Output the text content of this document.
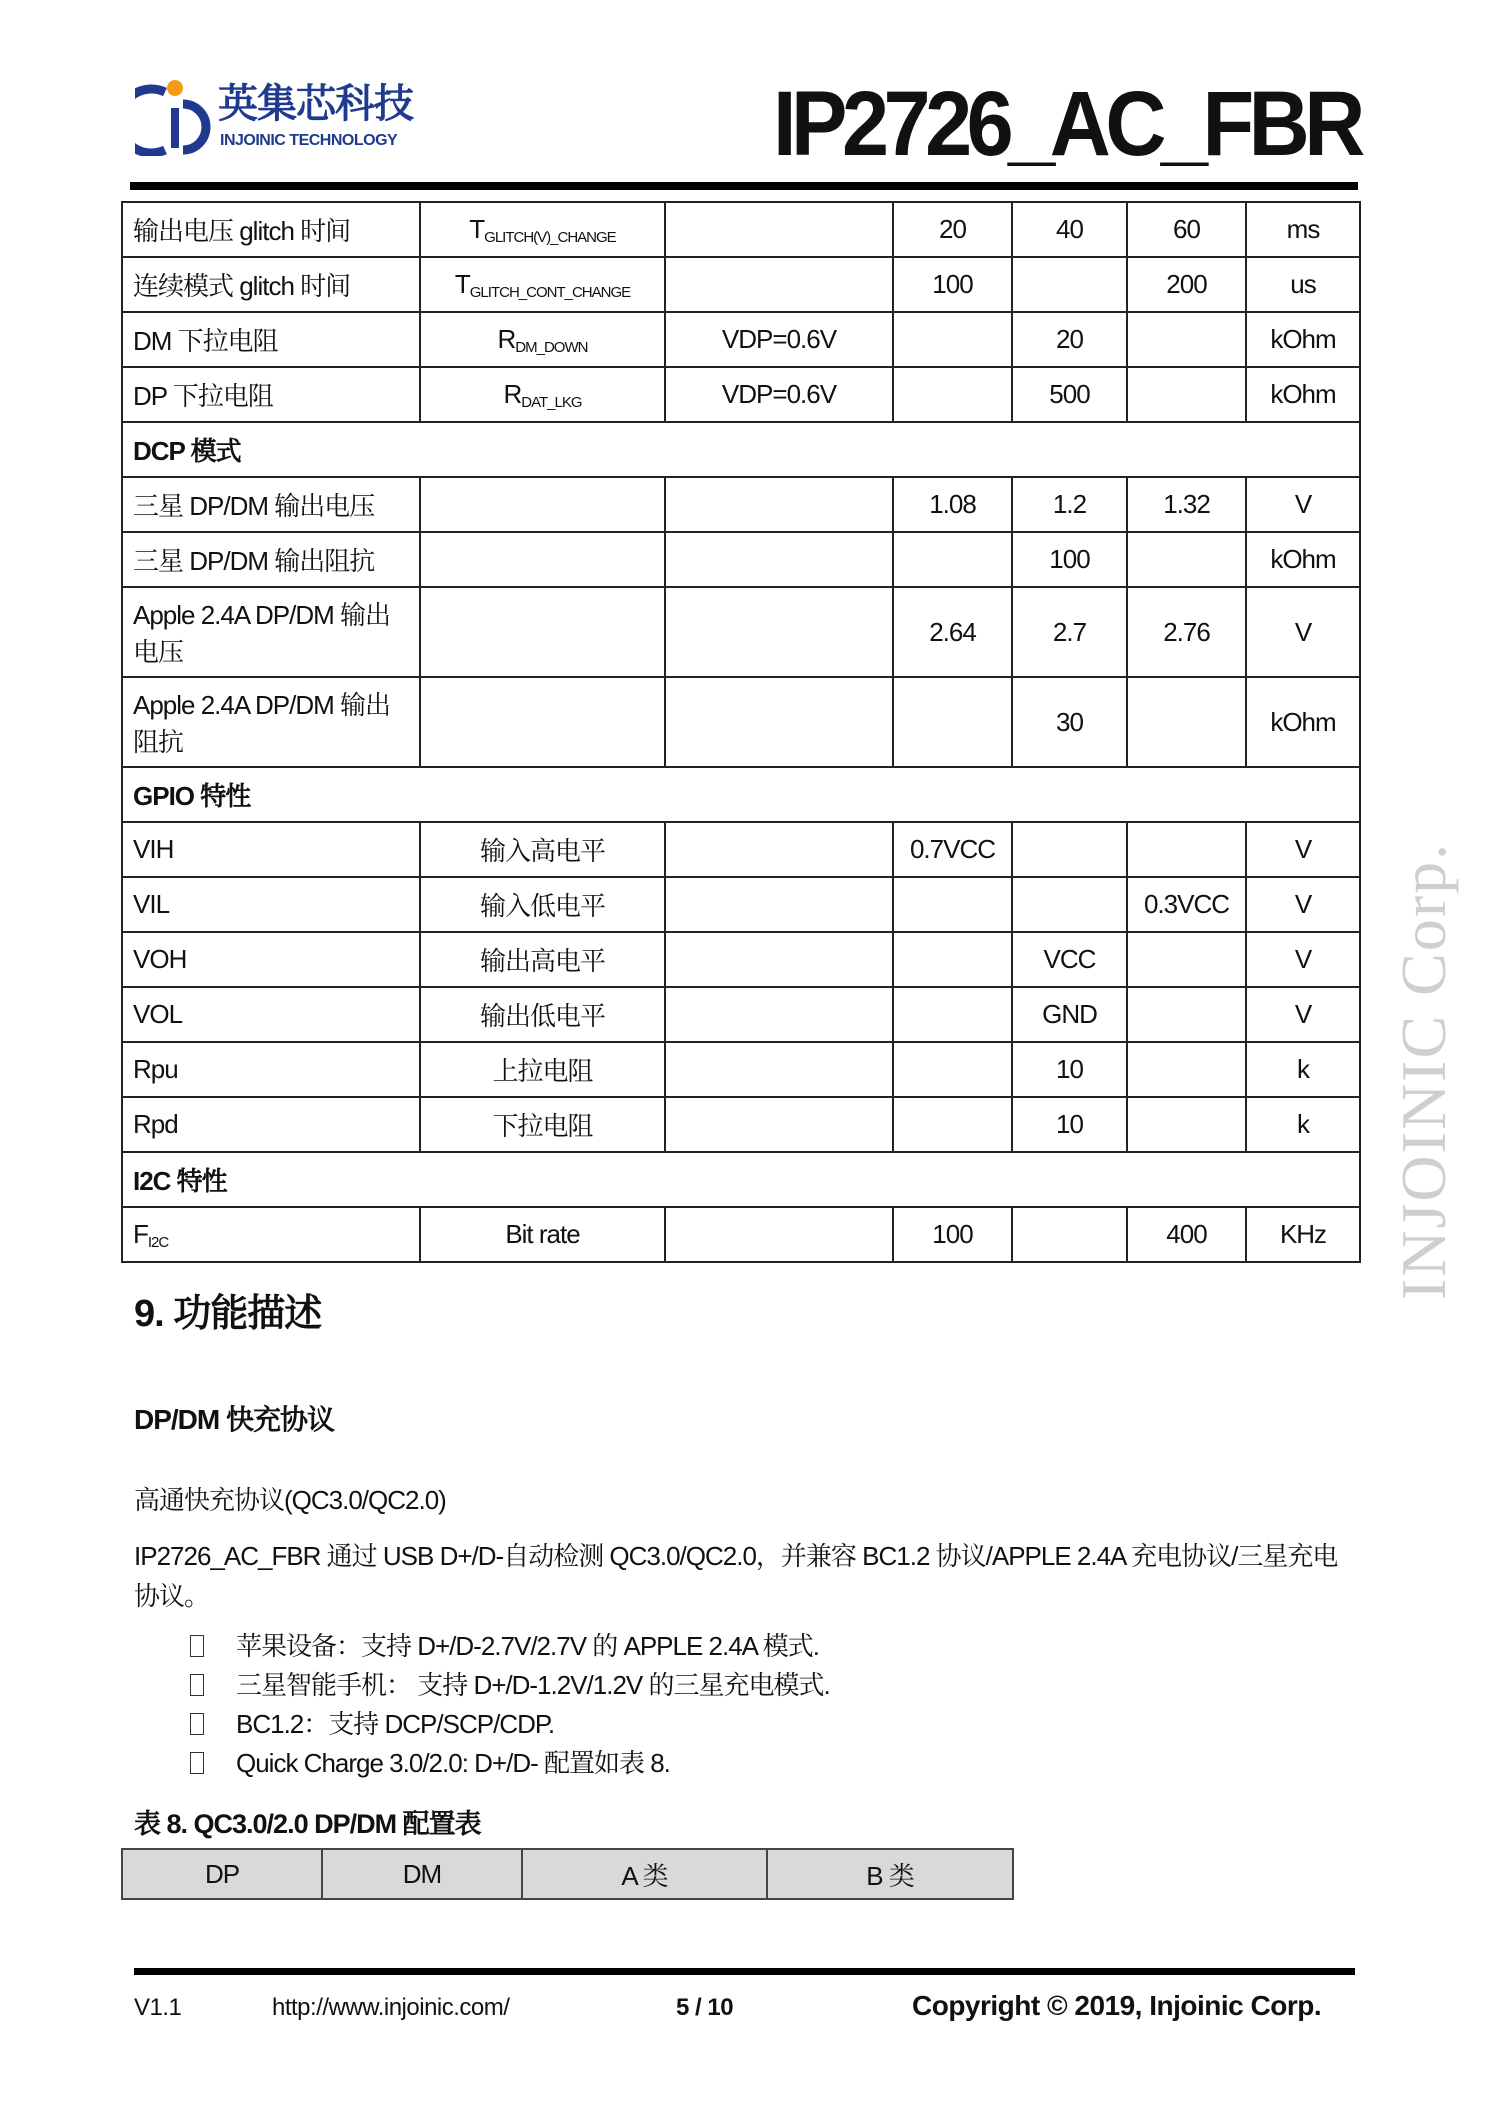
英集芯科技
INJOINIC TECHNOLOGY	IP2726_AC_FBR
输出电压 glitch 时间	$T_{GLITCH(V)\_CHANGE}$		20	40	60	ms
连续模式 glitch 时间	$T_{GLITCH\_CONT\_CHANGE}$		100		200	us
DM 下拉电阻	$R_{DM\_DOWN}$	VDP=0.6V		20		kOhm
DP 下拉电阻	$R_{DAT\_LKG}$	VDP=0.6V		500		kOhm
DCP 模式						
三星 DP/DM 输出电压			1.08	1.2	1.32	V
三星 DP/DM 输出阻抗				100		kOhm
Apple 2.4A DP/DM 输出电压			2.64	2.7	2.76	V
Apple 2.4A DP/DM 输出阻抗				30		kOhm
GPIO 特性						
VIH	输入高电平		0.7VCC			V
VIL	输入低电平				0.3VCC	V
VOH	输出高电平			VCC		V
VOL	输出低电平			GND		V
Rpu	上拉电阻			10		k
Rpd	下拉电阻			10		k
I2C 特性						
$F_{I2C}$	Bit rate		100		400	KHz INJOINIC Corp.
9. 功能描述
DP/DM 快充协议
高通快充协议(QC3.0/QC2.0)
IP2726_AC_FBR 通过 USB D+/D-自动检测 QC3.0/QC2.0，并兼容 BC1.2 协议/APPLE 2.4A 充电协议/三星充电协议。
苹果设备：支持 D+/D-2.7V/2.7V 的 APPLE 2.4A 模式.
三星智能手机： 支持 D+/D-1.2V/1.2V 的三星充电模式.
BC1.2：支持 DCP/SCP/CDP.
Quick Charge 3.0/2.0: D+/D- 配置如表 8.
表 8. QC3.0/2.0 DP/DM 配置表
DP	DM	A 类	B 类
V1.1	http://www.injoinic.com/	5 / 10	Copyright © 2019, Injoinic Corp.
